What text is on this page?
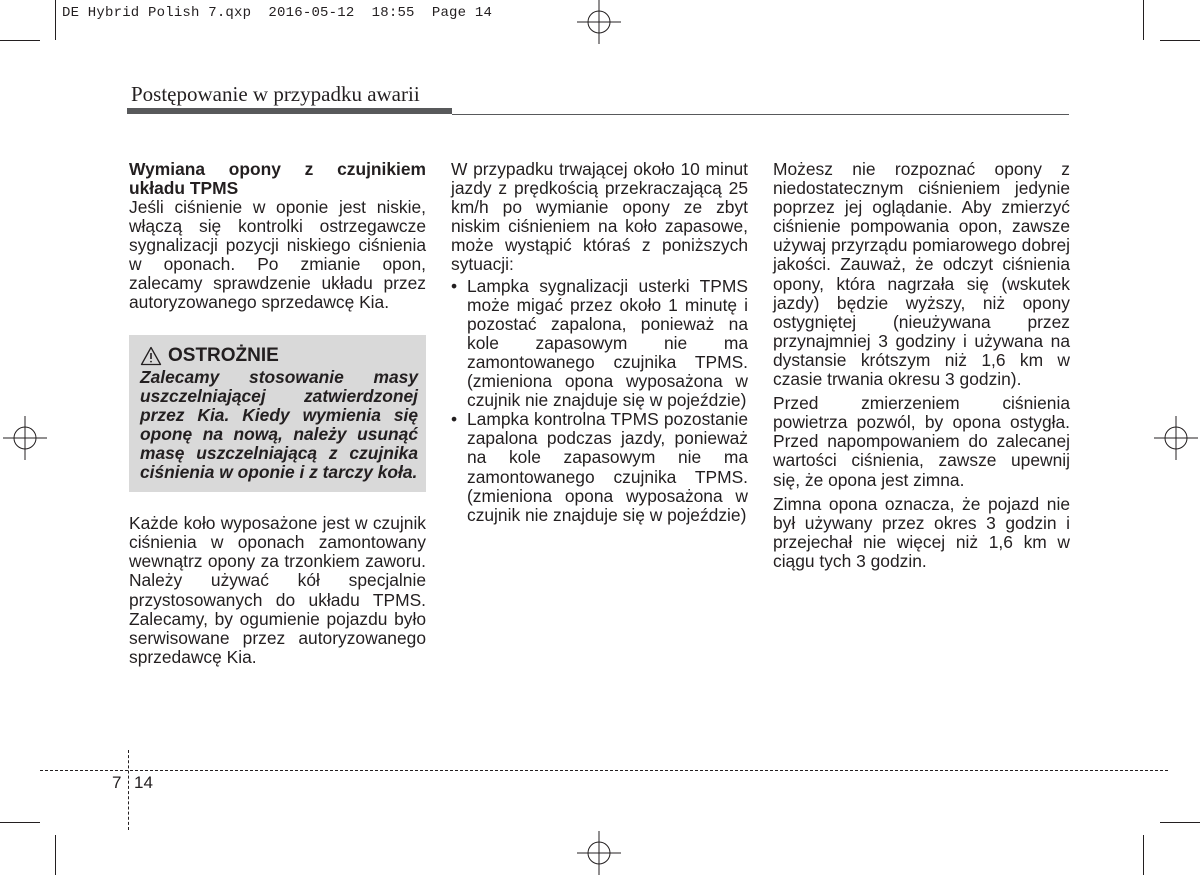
DE Hybrid Polish 7.qxp  2016-05-12  18:55  Page 14
Postępowanie w przypadku awarii

Wymiana opony z czujnikiem układu TPMS

Jeśli ciśnienie w oponie jest niskie, włączą się kontrolki ostrzegawcze sygnalizacji pozycji niskiego ciśnienia w oponach. Po zmianie opon, zalecamy sprawdzenie układu przez autoryzowanego sprzedawcę Kia.

OSTROŻNIE

Zalecamy stosowanie masy uszczelniającej zatwierdzonej przez Kia. Kiedy wymienia się oponę na nową, należy usunąć masę uszczelniającą z czujnika ciśnienia w oponie i z tarczy koła.

Każde koło wyposażone jest w czujnik ciśnienia w oponach zamontowany wewnątrz opony za trzonkiem zaworu. Należy używać kół specjalnie przystosowanych do układu TPMS. Zalecamy, by ogumienie pojazdu było serwisowane przez autoryzowanego sprzedawcę Kia.

W przypadku trwającej około 10 minut jazdy z prędkością przekraczającą 25 km/h po wymianie opony ze zbyt niskim ciśnieniem na koło zapasowe, może wystąpić któraś z poniższych sytuacji:

• Lampka sygnalizacji usterki TPMS może migać przez około 1 minutę i pozostać zapalona, ponieważ na kole zapasowym nie ma zamontowanego czujnika TPMS. (zmieniona opona wyposażona w czujnik nie znajduje się w pojeździe)
• Lampka kontrolna TPMS pozostanie zapalona podczas jazdy, ponieważ na kole zapasowym nie ma zamontowanego czujnika TPMS. (zmieniona opona wyposażona w czujnik nie znajduje się w pojeździe)

Możesz nie rozpoznać opony z niedostatecznym ciśnieniem jedynie poprzez jej oglądanie. Aby zmierzyć ciśnienie pompowania opon, zawsze używaj przyrządu pomiarowego dobrej jakości. Zauważ, że odczyt ciśnienia opony, która nagrzała się (wskutek jazdy) będzie wyższy, niż opony ostygniętej (nieużywana przez przynajmniej 3 godziny i używana na dystansie krótszym niż 1,6 km w czasie trwania okresu 3 godzin).

Przed zmierzeniem ciśnienia powietrza pozwól, by opona ostygła. Przed napompowaniem do zalecanej wartości ciśnienia, zawsze upewnij się, że opona jest zimna.

Zimna opona oznacza, że pojazd nie był używany przez okres 3 godzin i przejechał nie więcej niż 1,6 km w ciągu tych 3 godzin.

7 14
